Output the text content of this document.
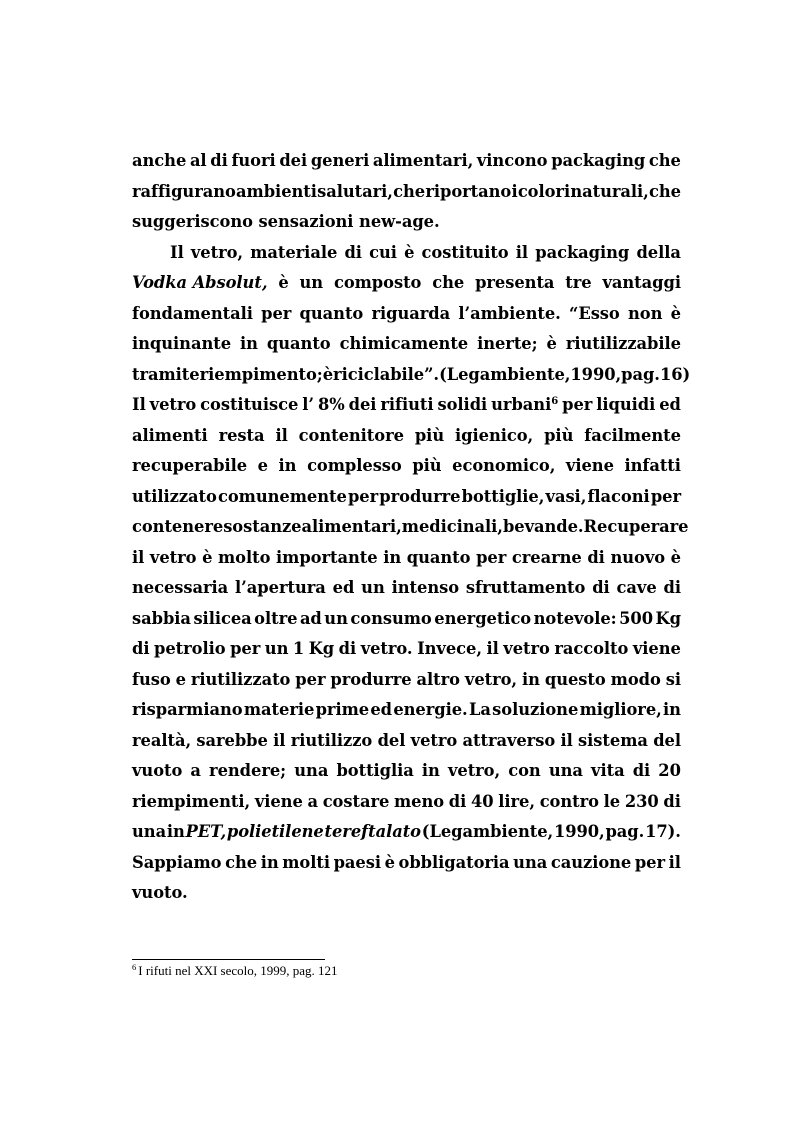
anche al di fuori dei generi alimentari, vincono packaging che
raffigurano ambienti salutari, che riportano i colori naturali, che
suggeriscono sensazioni new-age.
Il vetro, materiale di cui è costituito il packaging della
Vodka Absolut, è un composto che presenta tre vantaggi
fondamentali per quanto riguarda l’ambiente. “Esso non è
inquinante in quanto chimicamente inerte; è riutilizzabile
tramite riempimento; è riciclabile”. (Legambiente, 1990, pag. 16)
Il vetro costituisce l’ 8% dei rifiuti solidi urbani$^6$ per liquidi ed
alimenti resta il contenitore più igienico, più facilmente
recuperabile e in complesso più economico, viene infatti
utilizzato comunemente per produrre bottiglie, vasi, flaconi per
contenere sostanze alimentari, medicinali, bevande. Recuperare
il vetro è molto importante in quanto per crearne di nuovo è
necessaria l’apertura ed un intenso sfruttamento di cave di
sabbia silicea oltre ad un consumo energetico notevole: 500 Kg
di petrolio per un 1 Kg di vetro. Invece, il vetro raccolto viene
fuso e riutilizzato per produrre altro vetro, in questo modo si
risparmiano materie prime ed energie. La soluzione migliore, in
realtà, sarebbe il riutilizzo del vetro attraverso il sistema del
vuoto a rendere; una bottiglia in vetro, con una vita di 20
riempimenti, viene a costare meno di 40 lire, contro le 230 di
una in PET, polietilene tereftalato (Legambiente, 1990, pag. 17).
Sappiamo che in molti paesi è obbligatoria una cauzione per il
vuoto.
$^6$ I rifuti nel XXI secolo, 1999, pag. 121
